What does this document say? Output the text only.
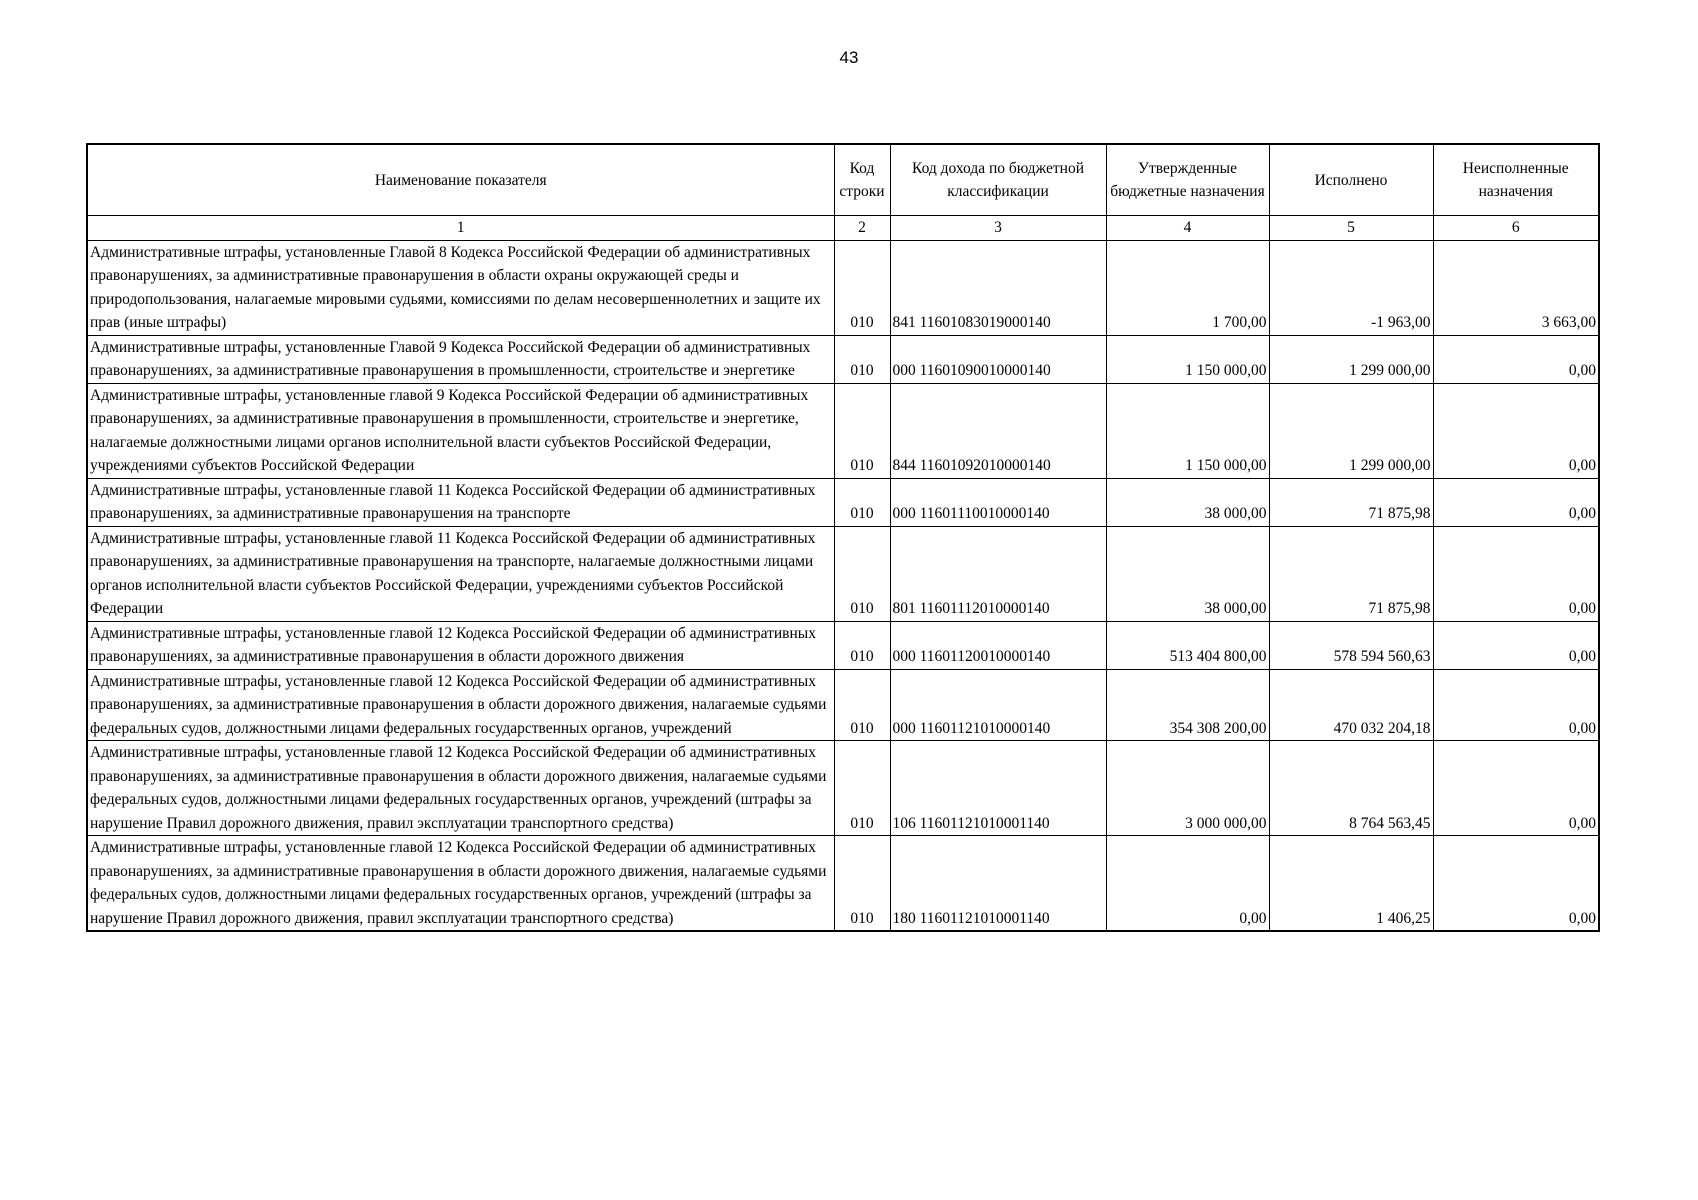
43
Наименование показателя	Код строки	Код дохода по бюджетной классификации	Утвержденные бюджетные назначения	Исполнено	Неисполненные назначения
1	2	3	4	5	6
Административные штрафы, установленные Главой 8 Кодекса Российской Федерации об административных правонарушениях, за административные правонарушения в области охраны окружающей среды и природопользования, налагаемые мировыми судьями, комиссиями по делам несовершеннолетних и защите их прав (иные штрафы)	010	841 11601083019000140	1 700,00	-1 963,00	3 663,00
Административные штрафы, установленные Главой 9 Кодекса Российской Федерации об административных правонарушениях, за административные правонарушения в промышленности, строительстве и энергетике	010	000 11601090010000140	1 150 000,00	1 299 000,00	0,00
Административные штрафы, установленные главой 9 Кодекса Российской Федерации об административных правонарушениях, за административные правонарушения в промышленности, строительстве и энергетике, налагаемые должностными лицами органов исполнительной власти субъектов Российской Федерации, учреждениями субъектов Российской Федерации	010	844 11601092010000140	1 150 000,00	1 299 000,00	0,00
Административные штрафы, установленные главой 11 Кодекса Российской Федерации об административных правонарушениях, за административные правонарушения на транспорте	010	000 11601110010000140	38 000,00	71 875,98	0,00
Административные штрафы, установленные главой 11 Кодекса Российской Федерации об административных правонарушениях, за административные правонарушения на транспорте, налагаемые должностными лицами органов исполнительной власти субъектов Российской Федерации, учреждениями субъектов Российской Федерации	010	801 11601112010000140	38 000,00	71 875,98	0,00
Административные штрафы, установленные главой 12 Кодекса Российской Федерации об административных правонарушениях, за административные правонарушения в области дорожного движения	010	000 11601120010000140	513 404 800,00	578 594 560,63	0,00
Административные штрафы, установленные главой 12 Кодекса Российской Федерации об административных правонарушениях, за административные правонарушения в области дорожного движения, налагаемые судьями федеральных судов, должностными лицами федеральных государственных органов, учреждений	010	000 11601121010000140	354 308 200,00	470 032 204,18	0,00
Административные штрафы, установленные главой 12 Кодекса Российской Федерации об административных правонарушениях, за административные правонарушения в области дорожного движения, налагаемые судьями федеральных судов, должностными лицами федеральных государственных органов, учреждений (штрафы за нарушение Правил дорожного движения, правил эксплуатации транспортного средства)	010	106 11601121010001140	3 000 000,00	8 764 563,45	0,00
Административные штрафы, установленные главой 12 Кодекса Российской Федерации об административных правонарушениях, за административные правонарушения в области дорожного движения, налагаемые судьями федеральных судов, должностными лицами федеральных государственных органов, учреждений (штрафы за нарушение Правил дорожного движения, правил эксплуатации транспортного средства)	010	180 11601121010001140	0,00	1 406,25	0,00
